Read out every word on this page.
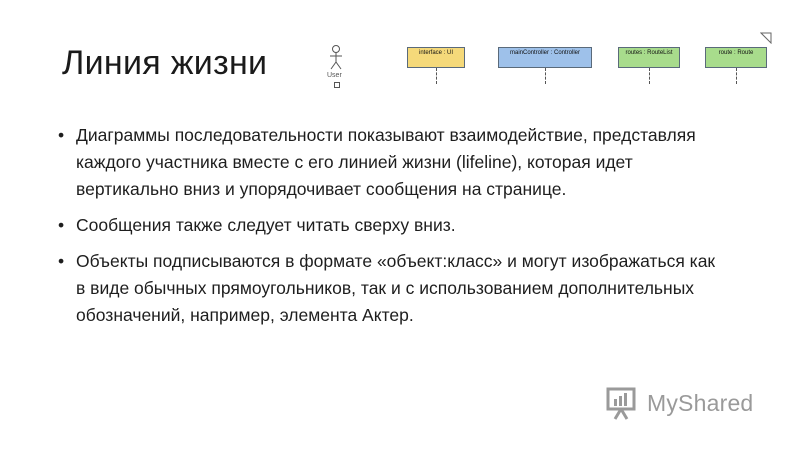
Линия жизни	User
interface : UI	mainController : Controller	routes : RouteList	route : Route

• Диаграммы последовательности показывают взаимодействие, представляя каждого участника вместе с его линией жизни (lifeline), которая идет вертикально вниз и упорядочивает сообщения на странице.

• Сообщения также следует читать сверху вниз.

• Объекты подписываются в формате «объект:класс» и могут изображаться как в виде обычных прямоугольников, так и с использованием дополнительных обозначений, например, элемента Актер.

MyShared
